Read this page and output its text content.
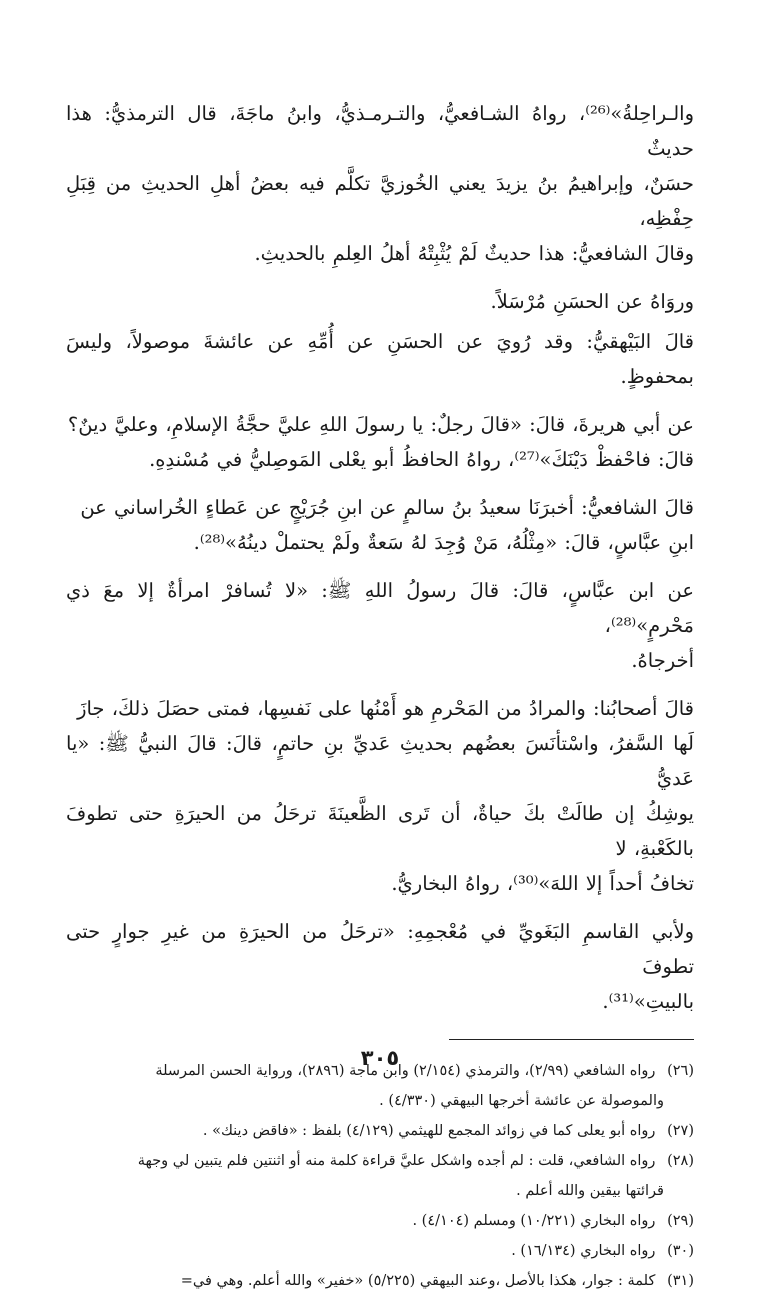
والـراحِلةُ»⁽²⁶⁾، رواهُ الشـافعيُّ، والتـرمـذيُّ، وابنُ ماجَةَ، قال الترمذيُّ: هذا حديثٌ
حسَنٌ، وإبراهيمُ بنُ يزيدَ يعني الخُوزيَّ تكلَّم فيه بعضُ أهلِ الحديثِ من قِبَلِ حِفْظِه،
وقالَ الشافعيُّ: هذا حديثٌ لَمْ يُثْبِتْهُ أهلُ العِلمِ بالحديثِ.

وروَاهُ عن الحسَنِ مُرْسَلاً.

قالَ البَيْهقيُّ: وقد رُويَ عن الحسَنِ عن أُمِّهِ عن عائشةَ موصولاً، وليسَ بمحفوظٍ.

عن أبي هريرةَ، قالَ: «قالَ رجلٌ: يا رسولَ اللهِ عليَّ حجَّةُ الإسلامِ، وعليَّ دينٌ؟
قالَ: فاحْفظْ دَيْنَكَ»⁽²⁷⁾، رواهُ الحافظُ أبو يعْلى المَوصِليُّ في مُسْندِهِ.

قالَ الشافعيُّ: أخبرَنَا سعيدُ بنُ سالمٍ عن ابنِ جُرَيْجٍ عن عَطاءٍ الخُراساني عن
ابنِ عبَّاسٍ، قالَ: «مِثْلُهُ، مَنْ وُجِدَ لهُ سَعةٌ ولَمْ يحتملْ دينُهُ»⁽²⁸⁾.

عن ابن عبَّاسٍ، قالَ: قالَ رسولُ اللهِ ﷺ: «لا تُسافرْ امرأةٌ إلا معَ ذي مَحْرمٍ»⁽²⁸⁾،
أخرجاهُ.

قالَ أصحابُنا: والمرادُ من المَحْرمِ هو أَمْنُها على نَفسِها، فمتى حصَلَ ذلكَ، جازَ
لَها السَّفرُ، واسْتأنَسَ بعضُهم بحديثِ عَديِّ بنِ حاتمٍ، قالَ: قالَ النبيُّ ﷺ: «يا عَديُّ
يوشِكُ إن طالَتْ بكَ حياةٌ، أن تَرى الظَّعينَةَ ترحَلُ من الحيرَةِ حتى تطوفَ بالكَعْبةِ، لا
تخافُ أحداً إلا اللهَ»⁽³⁰⁾، رواهُ البخاريُّ.

ولأبي القاسمِ البَغَويِّ في مُعْجمِهِ: «ترحَلُ من الحيرَةِ من غيرِ جوارٍ حتى تطوفَ
بالبيتِ»⁽³¹⁾.

(٢٦) رواه الشافعي (٢/٩٩)، والترمذي (٢/١٥٤) وابن ماجة (٢٨٩٦)، ورواية الحسن المرسلة
والموصولة عن عائشة أخرجها البيهقي (٤/٣٣٠) .
(٢٧) رواه أبو يعلى كما في زوائد المجمع للهيثمي (٤/١٢٩) بلفظ : «فاقض دينك» .
(٢٨) رواه الشافعي، قلت : لم أجده واشكل عليَّ قراءة كلمة منه أو اثنتين فلم يتبين لي وجهة
قرائتها بيقين والله أعلم .
(٢٩) رواه البخاري (١٠/٢٢١) ومسلم (٤/١٠٤) .
(٣٠) رواه البخاري (١٦/١٣٤) .
(٣١) كلمة : جوار، هكذا بالأصل ،وعند البيهقي (٥/٢٢٥) «خفير» والله أعلم. وهي في=
٣٠٥
